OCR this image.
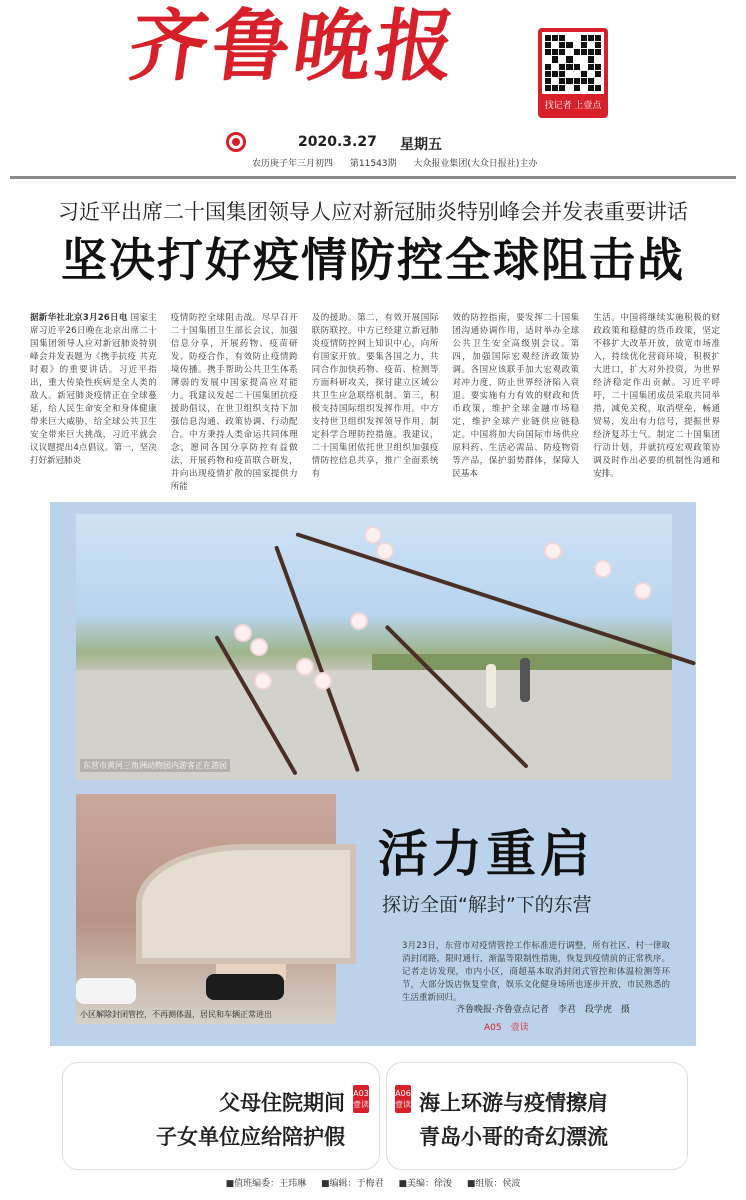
齐鲁晚报
找记者 上壹点
2020.3.27 星期五
农历庚子年三月初四 第11543期 大众报业集团(大众日报社)主办
习近平出席二十国集团领导人应对新冠肺炎特别峰会并发表重要讲话
坚决打好疫情防控全球阻击战
据新华社北京3月26日电 国家主席习近平26日晚在北京出席二十国集团领导人应对新冠肺炎特别峰会并发表题为《携手抗疫 共克时艰》的重要讲话。习近平指出，重大传染性疾病是全人类的敌人。新冠肺炎疫情正在全球蔓延，给人民生命安全和身体健康带来巨大威胁，给全球公共卫生安全带来巨大挑战，习近平就会议议题提出4点倡议。第一，坚决打好新冠肺炎
疫情防控全球阻击战。尽早召开二十国集团卫生部长会议，加强信息分享，开展药物、疫苗研发、防疫合作，有效防止疫情跨境传播。携手帮助公共卫生体系薄弱的发展中国家提高应对能力。我建议发起二十国集团抗疫援助倡议，在世卫组织支持下加强信息沟通、政策协调、行动配合。中方秉持人类命运共同体理念，愿同各国分享防控有益做法，开展药物和疫苗联合研发，并向出现疫情扩散的国家提供力所能
及的援助。第二，有效开展国际联防联控。中方已经建立新冠肺炎疫情防控网上知识中心，向所有国家开放。要集各国之力，共同合作加快药物、疫苗、检测等方面科研攻关，探讨建立区域公共卫生应急联络机制。第三，积极支持国际组织发挥作用。中方支持世卫组织发挥领导作用，制定科学合理防控措施。我建议，二十国集团依托世卫组织加强疫情防控信息共享，推广全面系统有
效的防控指南，要发挥二十国集团沟通协调作用，适时举办全球公共卫生安全高级别会议。第四，加强国际宏观经济政策协调。各国应该联手加大宏观政策对冲力度，防止世界经济陷入衰退。要实施有力有效的财政和货币政策，维护全球金融市场稳定，维护全球产业链供应链稳定。中国将加大向国际市场供应原料药、生活必需品、防疫物资等产品，保护弱势群体，保障人民基本
生活。中国将继续实施积极的财政政策和稳健的货币政策，坚定不移扩大改革开放，放宽市场准入，持续优化营商环境，积极扩大进口，扩大对外投资，为世界经济稳定作出贡献。习近平呼吁，二十国集团成员采取共同举措，减免关税，取消壁垒，畅通贸易，发出有力信号，提振世界经济复苏士气。制定二十国集团行动计划，并就抗疫宏观政策协调及时作出必要的机制性沟通和安排。
东营市黄河三角洲动物园内游客正在游园
小区解除封闭管控，不再测体温，居民和车辆正常进出
活力重启
探访全面“解封”下的东营
3月23日，东营市对疫情管控工作标准进行调整，所有社区、村一律取消封闭路，限时通行，渐温等限制性措施，恢复到疫情前的正常秩序。记者走访发现，市内小区，商超基本取消封闭式管控和体温检测等环节，大部分饭店恢复堂食，娱乐文化健身场所也逐步开放，市民熟悉的生活重新回归。
齐鲁晚报·齐鲁壹点记者　李君　段学虎　摄
A05　壹读
父母住院期间
子女单位应给陪护假
A03 壹读
A06 壹读 海上环游与疫情擦肩
青岛小哥的奇幻漂流
■值班编委：王玮琳 ■编辑：于梅君 ■美编：徐浚 ■组版：侯波
